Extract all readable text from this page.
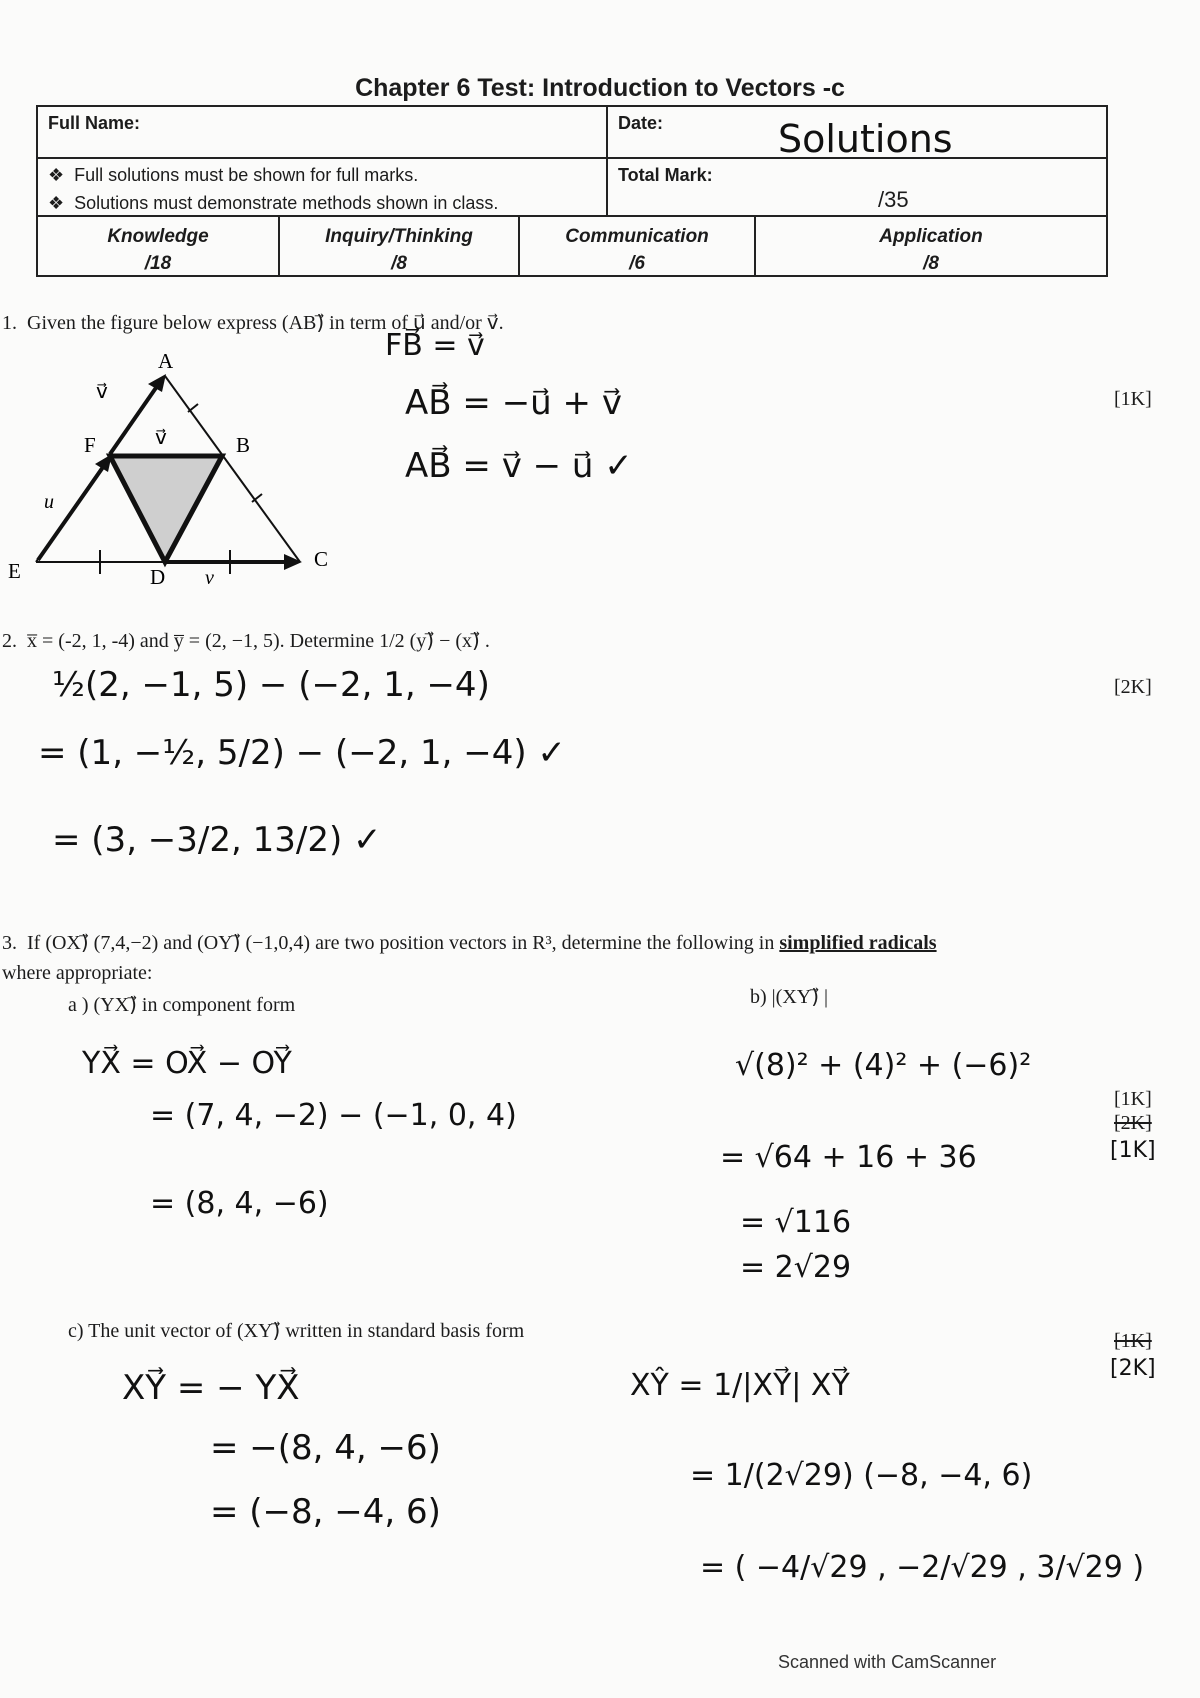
Chapter 6 Test: Introduction to Vectors -c
Full Name:	Date:	Solutions
❖  Full solutions must be shown for full marks.
❖  Solutions must demonstrate methods shown in class.
Total Mark:
/35
Knowledge
/18
Inquiry/Thinking
/8
Communication
/6
Application
/8
1. Given the figure below express (AB)⃗ in term of u⃗ and/or v⃗.
[1K]
A
B
C
D
E
F
u⃗
v⃗
v⃗
v⃗
FB⃗ = v⃗
AB⃗ = −u⃗ + v⃗
AB⃗ = v⃗ − u⃗ ✓
2. x̅ = (-2, 1, -4) and y̅ = (2, −1, 5). Determine 1/2 (y)⃗ − (x)⃗ .
[2K]
½(2, −1, 5) − (−2, 1, −4)
= (1, −½, 5/2) − (−2, 1, −4) ✓
= (3, −3/2, 13/2) ✓
3. If (OX)⃗ (7,4,−2) and (OY)⃗ (−1,0,4) are two position vectors in R³, determine the following in simplified radicals
where appropriate:
a ) (YX)⃗ in component form
YX⃗ = OX⃗ − OY⃗
= (7, 4, −2) − (−1, 0, 4)
= (8, 4, −6)
b) |(XY)⃗ |
√(8)² + (4)² + (−6)²
= √64 + 16 + 36
= √116
= 2√29
[1K]
[2K]
[1K]
c) The unit vector of (XY)⃗ written in standard basis form
XY⃗ = − YX⃗
= −(8, 4, −6)
= (−8, −4, 6)
XŶ = 1/|XY⃗| XY⃗
= 1/(2√29) (−8, −4, 6)
= ( −4/√29 , −2/√29 , 3/√29 )
[1K]
[2K]
Scanned with CamScanner
